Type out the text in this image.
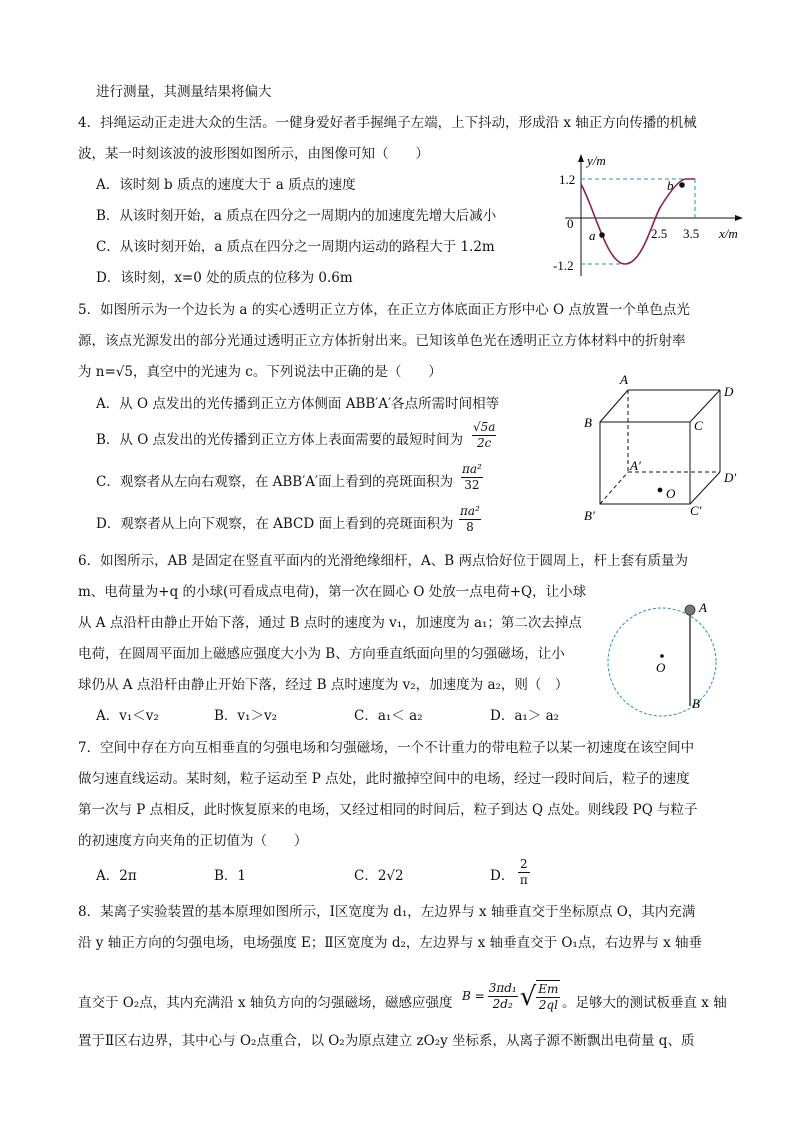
进行测量，其测量结果将偏大
4．抖绳运动正走进大众的生活。一健身爱好者手握绳子左端，上下抖动，形成沿 x 轴正方向传播的机械
波，某一时刻该波的波形图如图所示，由图像可知（　　）
A．该时刻 b 质点的速度大于 a 质点的速度
B．从该时刻开始，a 质点在四分之一周期内的加速度先增大后减小
C．从该时刻开始，a 质点在四分之一周期内运动的路程大于 1.2m
D．该时刻，x=0 处的质点的位移为 0.6m
y/m
x/m
1.2
0
-1.2
2.5 3.5
a
b
5．如图所示为一个边长为 a 的实心透明正立方体，在正立方体底面正方形中心 O 点放置一个单色点光
源，该点光源发出的部分光通过透明正立方体折射出来。已知该单色光在透明正立方体材料中的折射率
为 n=√5，真空中的光速为 c。下列说法中正确的是（　　）
A．从 O 点发出的光传播到正立方体侧面 ABB′A′各点所需时间相等
B．从 O 点发出的光传播到正立方体上表面需要的最短时间为 $\frac{√5a}{2c}$
C．观察者从左向右观察，在 ABB′A′面上看到的亮斑面积为 $\frac{\text{πa²}}{32}$
D．观察者从上向下观察，在 ABCD 面上看到的亮斑面积为 $\frac{\text{πa²}}{8}$
A
B	C
D
A′
B′	C′
D′
O
6．如图所示，AB 是固定在竖直平面内的光滑绝缘细杆，A、B 两点恰好位于圆周上，杆上套有质量为
m、电荷量为+q 的小球(可看成点电荷)，第一次在圆心 O 处放一点电荷+Q，让小球
从 A 点沿杆由静止开始下落，通过 B 点时的速度为 v₁，加速度为 a₁；第二次去掉点
电荷，在圆周平面加上磁感应强度大小为 B、方向垂直纸面向里的匀强磁场，让小
球仍从 A 点沿杆由静止开始下落，经过 B 点时速度为 v₂，加速度为 a₂，则（　）
A．v₁＜v₂	B．v₁＞v₂	C．a₁＜ a₂	D．a₁＞ a₂
A
O
B
7．空间中存在方向互相垂直的匀强电场和匀强磁场，一个不计重力的带电粒子以某一初速度在该空间中
做匀速直线运动。某时刻，粒子运动至 P 点处，此时撤掉空间中的电场，经过一段时间后，粒子的速度
第一次与 P 点相反，此时恢复原来的电场，又经过相同的时间后，粒子到达 Q 点处。则线段 PQ 与粒子
的初速度方向夹角的正切值为（　　）
A．2π	B．1	C．2√2	D． $\frac{2}{\pi}$
8．某离子实验装置的基本原理如图所示，Ⅰ区宽度为 d₁，左边界与 x 轴垂直交于坐标原点 O，其内充满
沿 y 轴正方向的匀强电场，电场强度 E；Ⅱ区宽度为 d₂，左边界与 x 轴垂直交于 O₁点，右边界与 x 轴垂
直交于 O₂点，其内充满沿 x 轴负方向的匀强磁场，磁感应强度 $B = \frac{\text{3πd₁}}{\text{2d₂}}$ √ $\frac{Em}{2ql}$ 。足够大的测试板垂直 x 轴
置于Ⅱ区右边界，其中心与 O₂点重合，以 O₂为原点建立 zO₂y 坐标系，从离子源不断飘出电荷量 q、质
